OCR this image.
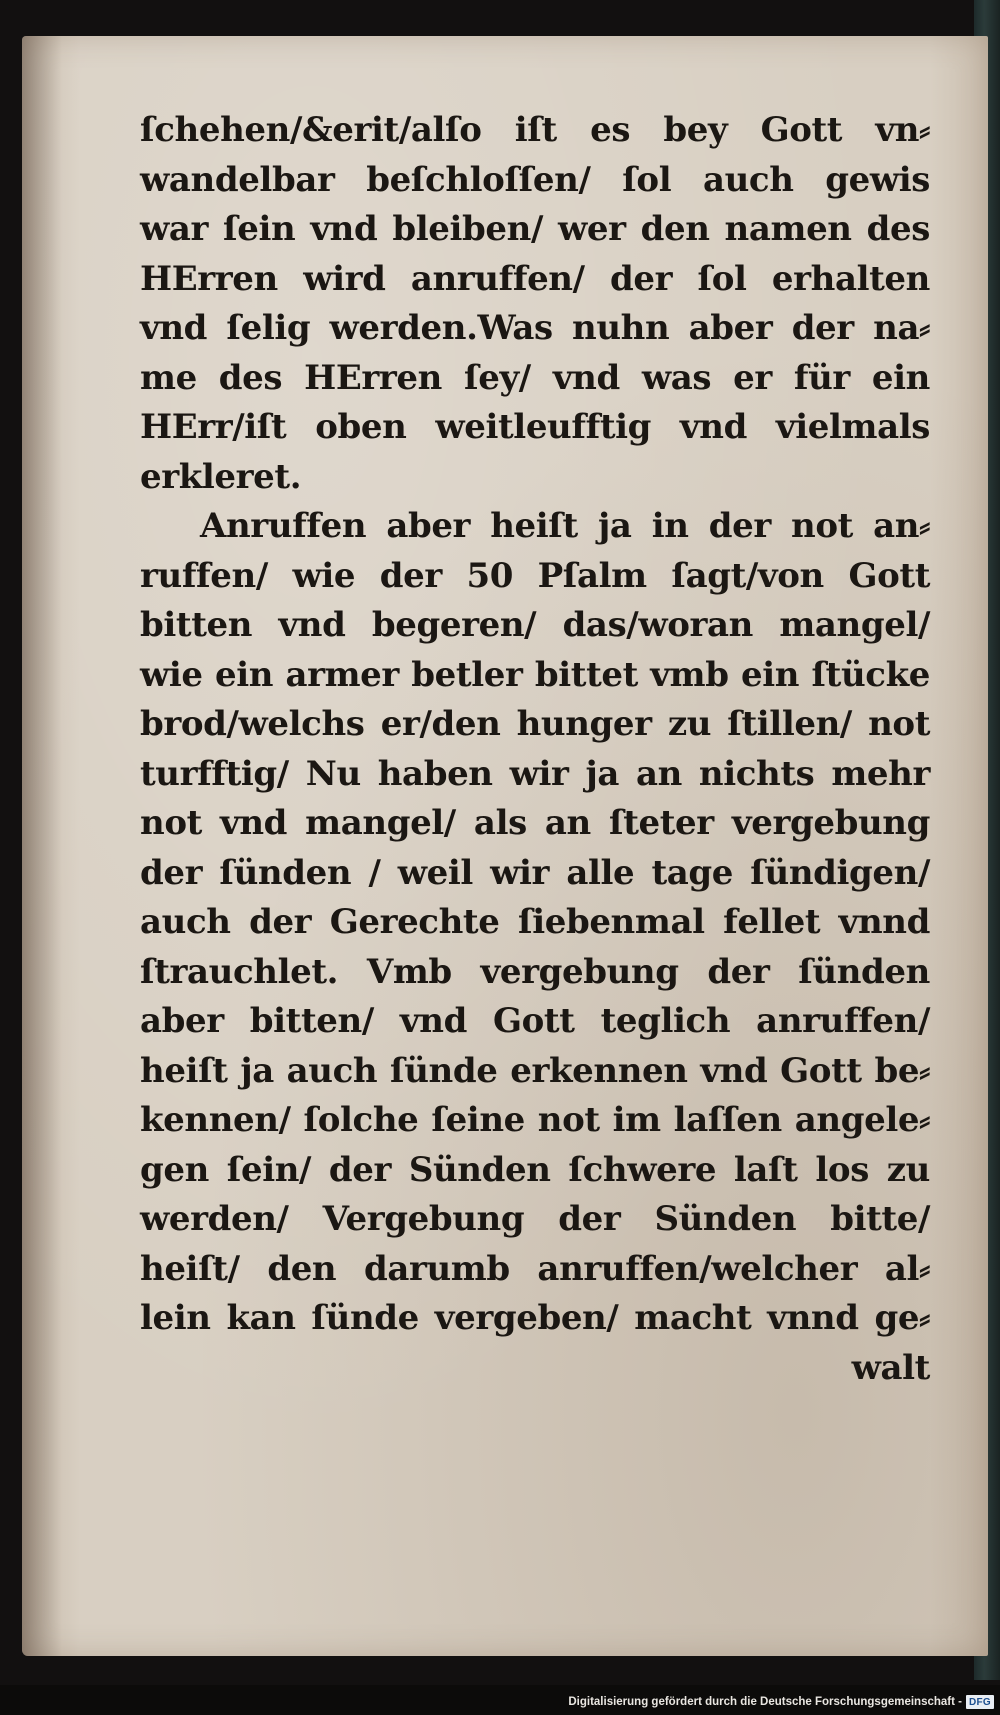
ſchehen/&erit/alſo iſt es bey Gott vn⸗
wandelbar beſchloſſen/ ſol auch gewis
war ſein vnd bleiben/ wer den namen des
HErren wird anruffen/ der ſol erhalten
vnd ſelig werden.Was nuhn aber der na⸗
me des HErren ſey/ vnd was er für ein
HErr/iſt oben weitleufftig vnd vielmals
erkleret.
Anruffen aber heiſt ja in der not an⸗
ruffen/ wie der 50 Pſalm ſagt/von Gott
bitten vnd begeren/ das/woran mangel/
wie ein armer betler bittet vmb ein ſtücke
brod/welchs er/den hunger zu ſtillen/ not
turfftig/ Nu haben wir ja an nichts mehr
not vnd mangel/ als an ſteter vergebung
der ſünden / weil wir alle tage ſündigen/
auch der Gerechte ſiebenmal fellet vnnd
ſtrauchlet. Vmb vergebung der ſünden
aber bitten/ vnd Gott teglich anruffen/
heiſt ja auch ſünde erkennen vnd Gott be⸗
kennen/ ſolche ſeine not im laſſen angele⸗
gen ſein/ der Sünden ſchwere laſt los zu
werden/ Vergebung der Sünden bitte/
heiſt/ den darumb anruffen/welcher al⸗
lein kan ſünde vergeben/ macht vnnd ge⸗
walt
Digitalisierung gefördert durch die Deutsche Forschungsgemeinschaft - DFG
